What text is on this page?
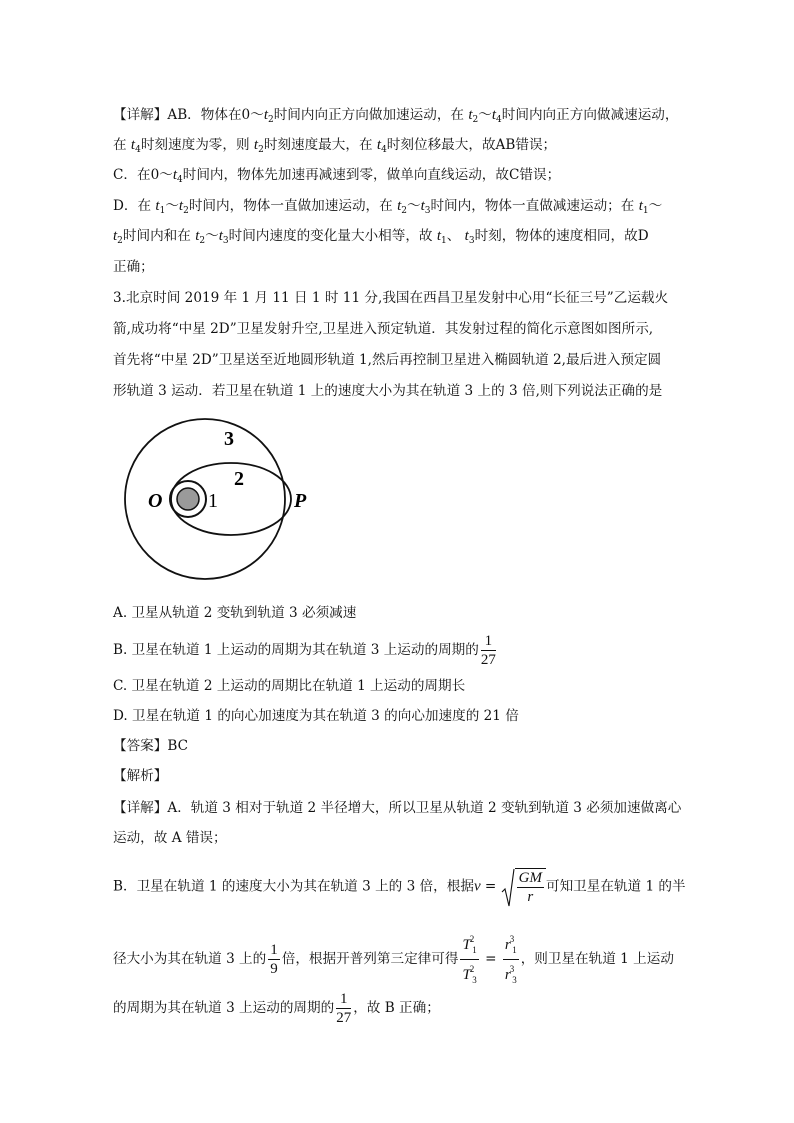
【详解】AB．物体在$0\sim t_2$时间内向正方向做加速运动，在 $t_2\sim t_4$时间内向正方向做减速运动，
在 $t_4$时刻速度为零，则 $t_2$时刻速度最大，在 $t_4$时刻位移最大，故AB错误；
C．在$0\sim t_4$时间内，物体先加速再减速到零，做单向直线运动，故C错误；
D．在 $t_1\sim t_2$时间内，物体一直做加速运动，在 $t_2\sim t_3$时间内，物体一直做减速运动；在 $t_1\sim$
$t_2$时间内和在 $t_2\sim t_3$时间内速度的变化量大小相等，故 $t_1$、 $t_3$时刻，物体的速度相同，故D
正确；
3.北京时间 2019 年 1 月 11 日 1 时 11 分,我国在西昌卫星发射中心用“长征三号”乙运载火
箭,成功将“中星 2D”卫星发射升空,卫星进入预定轨道．其发射过程的简化示意图如图所示,
首先将“中星 2D”卫星送至近地圆形轨道 1,然后再控制卫星进入椭圆轨道 2,最后进入预定圆
形轨道 3 运动．若卫星在轨道 1 上的速度大小为其在轨道 3 上的 3 倍,则下列说法正确的是
3
2
1
O	P
A. 卫星从轨道 2 变轨到轨道 3 必须减速
B. 卫星在轨道 1 上运动的周期为其在轨道 3 上运动的周期的 $\frac{1}{27}$
C. 卫星在轨道 2 上运动的周期比在轨道 1 上运动的周期长
D. 卫星在轨道 1 的向心加速度为其在轨道 3 的向心加速度的 21 倍
【答案】BC
【解析】
【详解】A．轨道 3 相对于轨道 2 半径增大，所以卫星从轨道 2 变轨到轨道 3 必须加速做离心
运动，故 A 错误；
B．卫星在轨道 1 的速度大小为其在轨道 3 上的 3 倍，根据$v = \frac{GM}{r}$ 可知卫星在轨道 1 的半
径大小为其在轨道 3 上的 $\frac{1}{9}$ 倍，根据开普列第三定律可得 $\frac{T^2_1}{T^2_3} = \frac{r^3_1}{r^3_3}$ ，则卫星在轨道 1 上运动
的周期为其在轨道 3 上运动的周期的 $\frac{1}{27}$ ，故 B 正确；
